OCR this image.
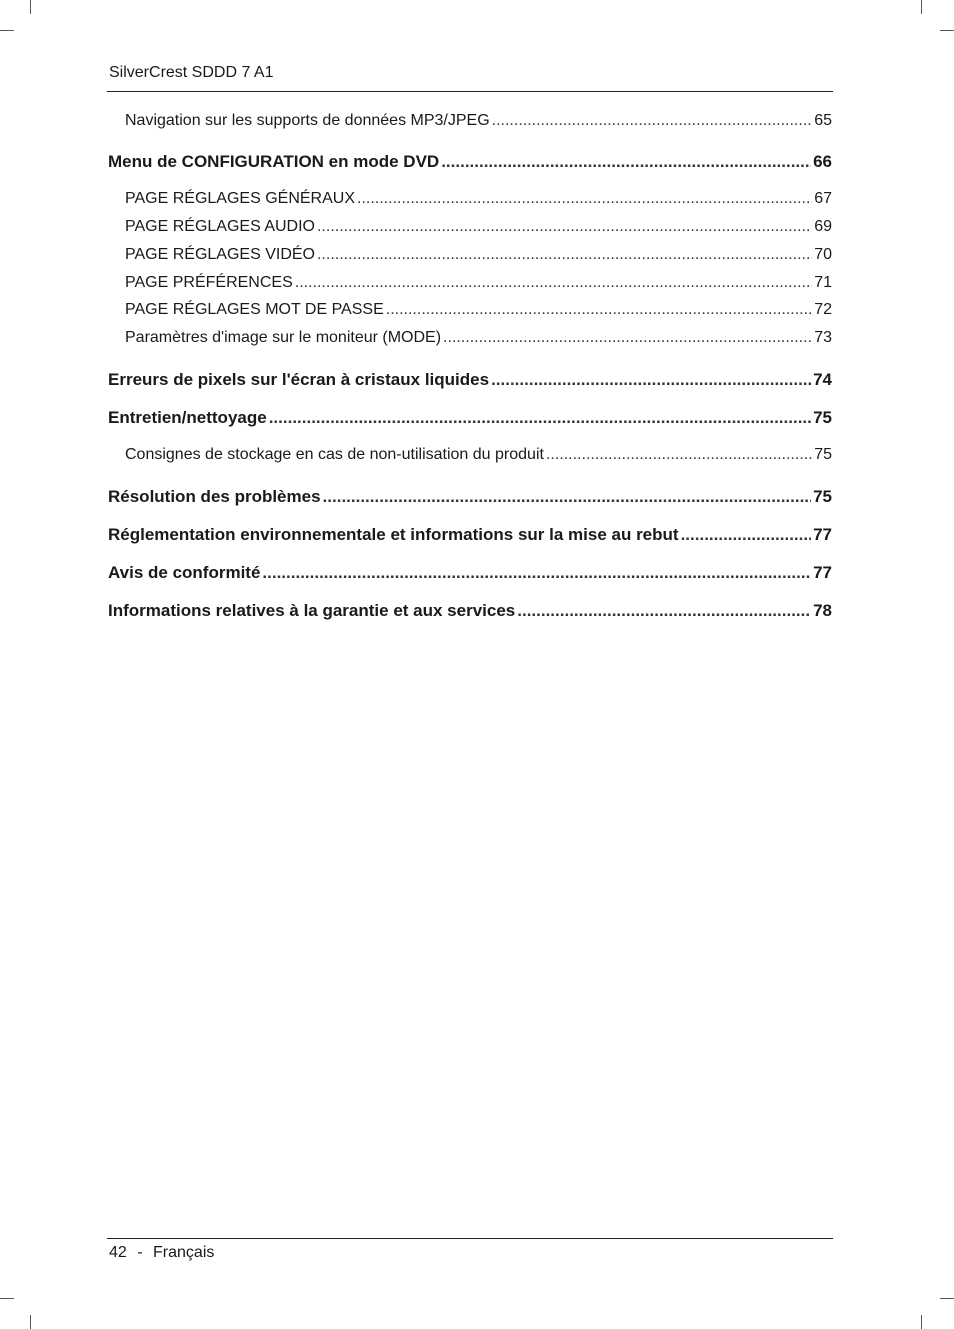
SilverCrest SDDD 7 A1
Navigation sur les supports de données MP3/JPEG .....	65
Menu de CONFIGURATION en mode DVD .....	66
PAGE RÉGLAGES GÉNÉRAUX .....	67
PAGE RÉGLAGES AUDIO .....	69
PAGE RÉGLAGES VIDÉO .....	70
PAGE PRÉFÉRENCES .....	71
PAGE RÉGLAGES MOT DE PASSE .....	72
Paramètres d'image sur le moniteur (MODE) .....	73
Erreurs de pixels sur l'écran à cristaux liquides .....	74
Entretien/nettoyage .....	75
Consignes de stockage en cas de non-utilisation du produit .....	75
Résolution des problèmes .....	75
Réglementation environnementale et informations sur la mise au rebut .....	77
Avis de conformité .....	77
Informations relatives à la garantie et aux services .....	78
42 - Français
